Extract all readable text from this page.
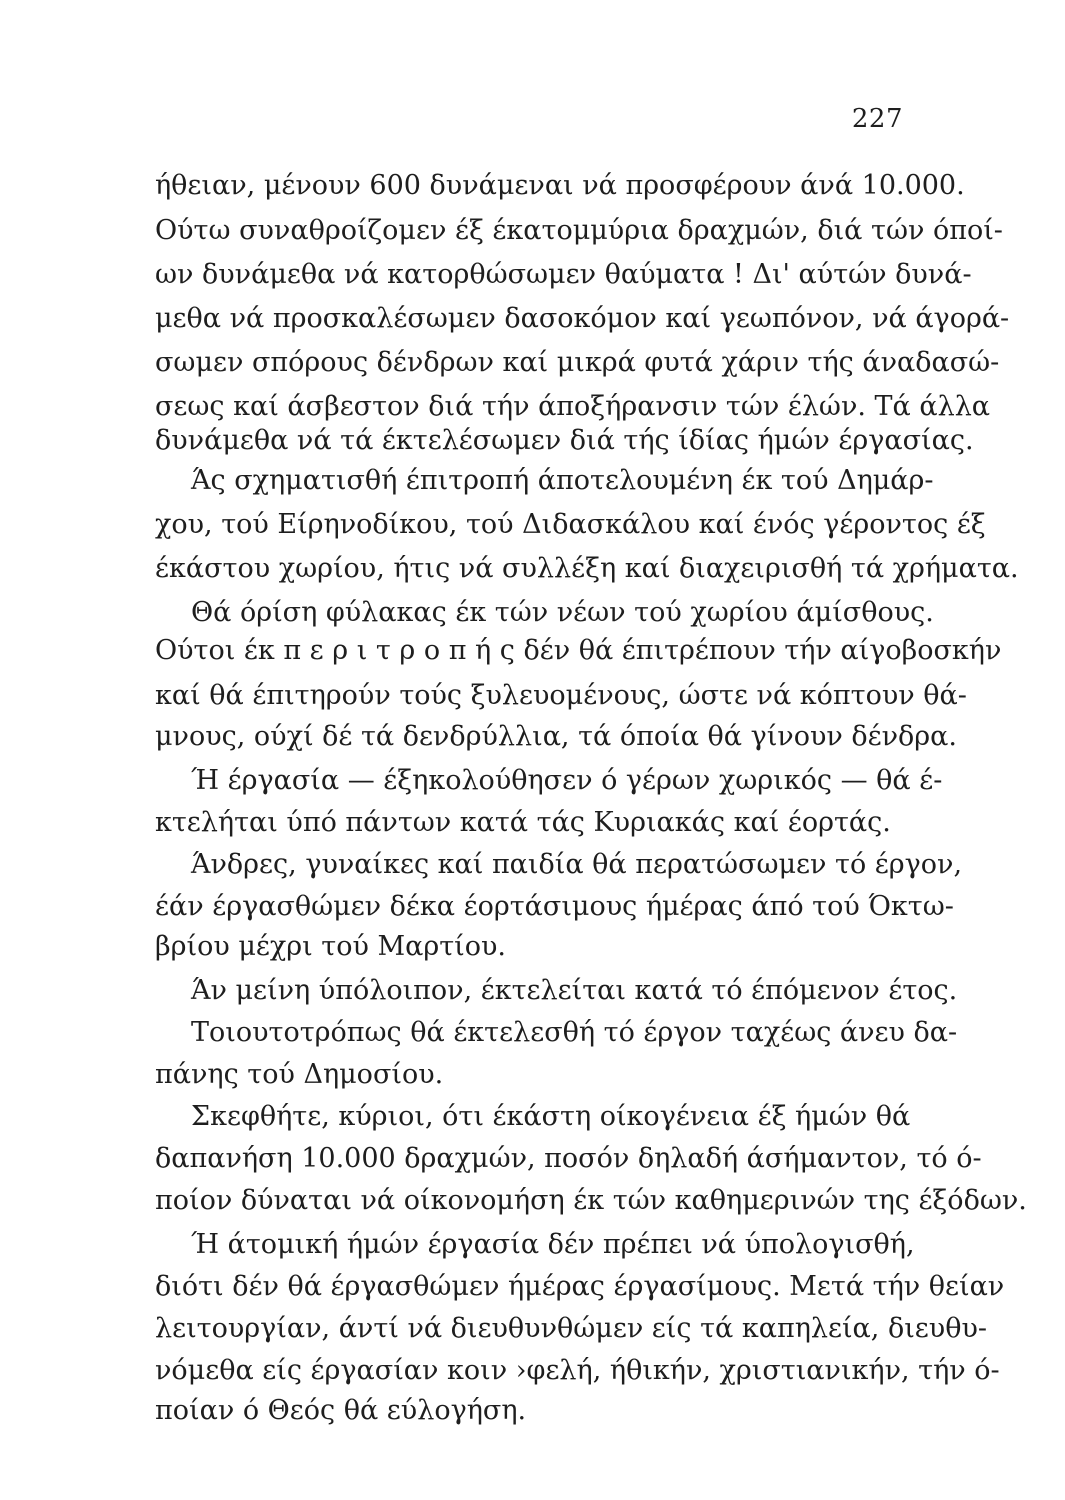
227
ήθειαν, μένουν 600 δυνάμεναι νά προσφέρουν άνά 10.000.
Ούτω συναθροίζομεν έξ έκατομμύρια δραχμών, διά τών όποί-
ων δυνάμεθα νά κατορθώσωμεν θαύματα ! Δι' αύτών δυνά-
μεθα νά προσκαλέσωμεν δασοκόμον καί γεωπόνον, νά άγορά-
σωμεν σπόρους δένδρων καί μικρά φυτά χάριν τής άναδασώ-
σεως καί άσβεστον διά τήν άποξήρανσιν τών έλών. Τά άλλα
δυνάμεθα νά τά έκτελέσωμεν διά τής ίδίας ήμών έργασίας.
Άς σχηματισθή έπιτροπή άποτελουμένη έκ τού Δημάρ-
χου, τού Είρηνοδίκου, τού Διδασκάλου καί ένός γέροντος έξ
έκάστου χωρίου, ήτις νά συλλέξη καί διαχειρισθή τά χρήματα.
Θά όρίση φύλακας έκ τών νέων τού χωρίου άμίσθους.
Ούτοι έκ π ε ρ ι τ ρ ο π ή ς δέν θά έπιτρέπουν τήν αίγοβοσκήν
καί θά έπιτηρούν τούς ξυλευομένους, ώστε νά κόπτουν θά-
μνους, ούχί δέ τά δενδρύλλια, τά όποία θά γίνουν δένδρα.
Ή έργασία — έξηκολούθησεν ό γέρων χωρικός — θά έ-
κτελήται ύπό πάντων κατά τάς Κυριακάς καί έορτάς.
Άνδρες, γυναίκες καί παιδία θά περατώσωμεν τό έργον,
έάν έργασθώμεν δέκα έορτάσιμους ήμέρας άπό τού Όκτω-
βρίου μέχρι τού Μαρτίου.
Άν μείνη ύπόλοιπον, έκτελείται κατά τό έπόμενον έτος.
Τοιουτοτρόπως θά έκτελεσθή τό έργον ταχέως άνευ δα-
πάνης τού Δημοσίου.
Σκεφθήτε, κύριοι, ότι έκάστη οίκογένεια έξ ήμών θά
δαπανήση 10.000 δραχμών, ποσόν δηλαδή άσήμαντον, τό ό-
ποίον δύναται νά οίκονομήση έκ τών καθημερινών της έξόδων.
Ή άτομική ήμών έργασία δέν πρέπει νά ύπολογισθή,
διότι δέν θά έργασθώμεν ήμέρας έργασίμους. Μετά τήν θείαν
λειτουργίαν, άντί νά διευθυνθώμεν είς τά καπηλεία, διευθυ-
νόμεθα είς έργασίαν κοιν ›φελή, ήθικήν, χριστιανικήν, τήν ό-
ποίαν ό Θεός θά εύλογήση.
